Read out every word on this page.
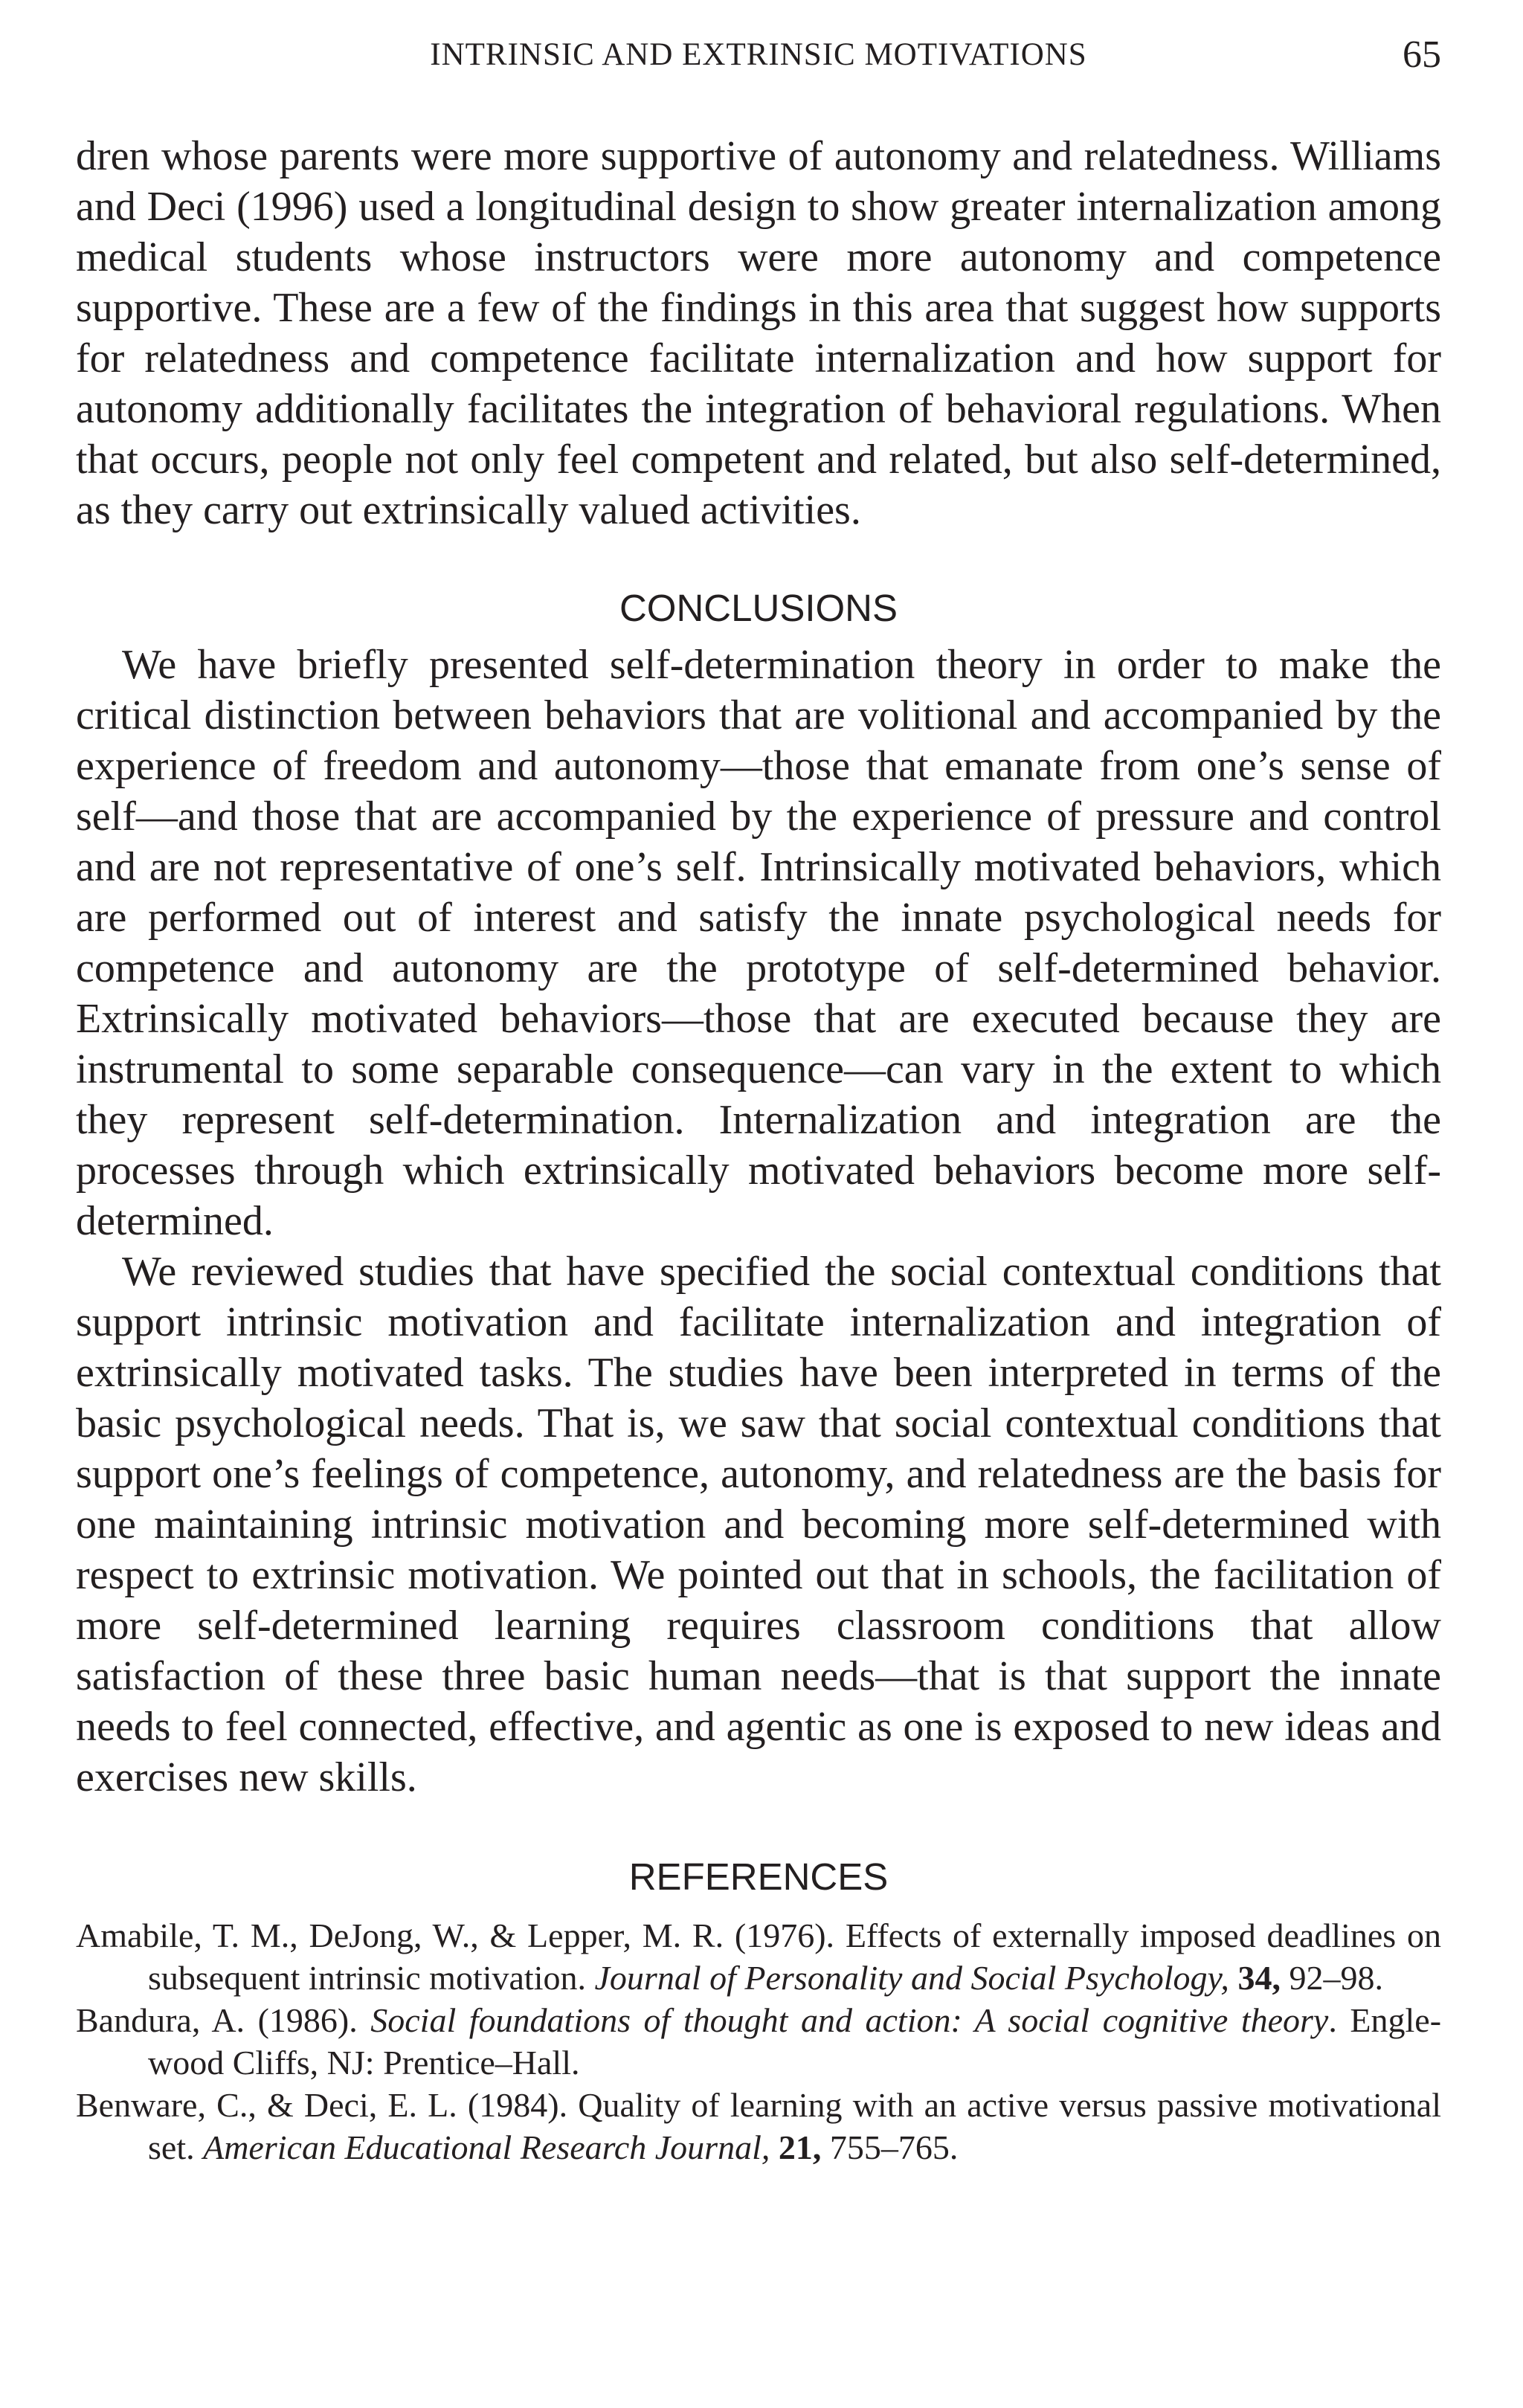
INTRINSIC AND EXTRINSIC MOTIVATIONS	65

dren whose parents were more supportive of autonomy and relatedness. Williams and Deci (1996) used a longitudinal design to show greater internalization among medical students whose instructors were more autonomy and competence supportive. These are a few of the findings in this area that suggest how supports for relatedness and competence facilitate internalization and how support for autonomy additionally facilitates the integration of behavioral regulations. When that occurs, people not only feel competent and related, but also self-determined, as they carry out extrinsically valued activities.

CONCLUSIONS

We have briefly presented self-determination theory in order to make the critical distinction between behaviors that are volitional and accompanied by the experience of freedom and autonomy—those that emanate from one’s sense of self—and those that are accompanied by the experience of pressure and control and are not representative of one’s self. Intrinsically motivated behaviors, which are performed out of interest and satisfy the innate psychological needs for competence and autonomy are the prototype of self-determined behavior. Extrinsically motivated behaviors—those that are executed because they are instrumental to some separable consequence—can vary in the extent to which they represent self-determination. Internalization and integration are the processes through which extrinsically motivated behaviors become more self-determined.

We reviewed studies that have specified the social contextual conditions that support intrinsic motivation and facilitate internalization and integration of extrinsically motivated tasks. The studies have been interpreted in terms of the basic psychological needs. That is, we saw that social contextual conditions that support one’s feelings of competence, autonomy, and relatedness are the basis for one maintaining intrinsic motivation and becoming more self-determined with respect to extrinsic motivation. We pointed out that in schools, the facilitation of more self-determined learning requires classroom conditions that allow satisfaction of these three basic human needs—that is that support the innate needs to feel connected, effective, and agentic as one is exposed to new ideas and exercises new skills.

REFERENCES

Amabile, T. M., DeJong, W., & Lepper, M. R. (1976). Effects of externally imposed deadlines on subsequent intrinsic motivation. Journal of Personality and Social Psychology, 34, 92–98.

Bandura, A. (1986). Social foundations of thought and action: A social cognitive theory. Englewood Cliffs, NJ: Prentice–Hall.

Benware, C., & Deci, E. L. (1984). Quality of learning with an active versus passive motivational set. American Educational Research Journal, 21, 755–765.
